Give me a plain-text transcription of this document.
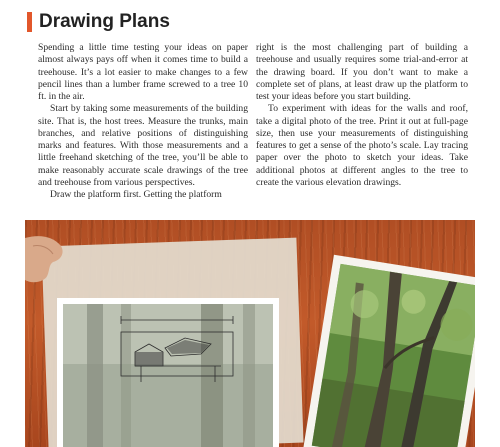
Drawing Plans

Spending a little time testing your ideas on paper almost always pays off when it comes time to build a treehouse. It’s a lot easier to make changes to a few pencil lines than a lumber frame screwed to a tree 10 ft. in the air.

Start by taking some measurements of the building site. That is, the host trees. Measure the trunks, main branches, and relative positions of distinguishing marks and features. With those measurements and a little freehand sketching of the tree, you’ll be able to make reasonably accurate scale drawings of the tree and treehouse from various perspectives.

Draw the platform first. Getting the platform

right is the most challenging part of building a treehouse and usually requires some trial-and-error at the drawing board. If you don’t want to make a complete set of plans, at least draw up the platform to test your ideas before you start building.

To experiment with ideas for the walls and roof, take a digital photo of the tree. Print it out at full-page size, then use your measurements of distinguishing features to get a sense of the photo’s scale. Lay tracing paper over the photo to sketch your ideas. Take additional photos at different angles to the tree to create the various elevation drawings.
